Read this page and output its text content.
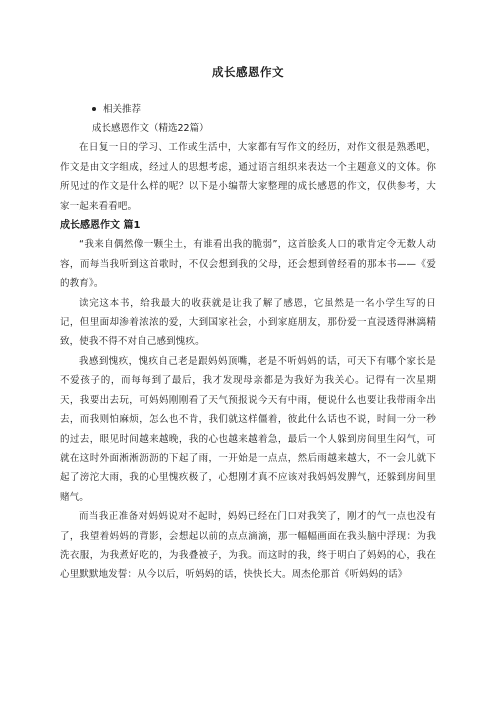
成长感恩作文
相关推荐
成长感恩作文（精选22篇）

在日复一日的学习、工作或生活中，大家都有写作文的经历，对作文很是熟悉吧，作文是由文字组成，经过人的思想考虑，通过语言组织来表达一个主题意义的文体。你所见过的作文是什么样的呢？以下是小编帮大家整理的成长感恩的作文，仅供参考，大家一起来看看吧。

成长感恩作文 篇1

“我来自偶然像一颗尘土，有谁看出我的脆弱”，这首脍炙人口的歌肯定令无数人动容，而每当我听到这首歌时，不仅会想到我的父母，还会想到曾经看的那本书——《爱的教育》。

读完这本书，给我最大的收获就是让我了解了感恩，它虽然是一名小学生写的日记，但里面却渗着浓浓的爱，大到国家社会，小到家庭朋友，那份爱一直浸透得淋漓精致，使我不得不对自己感到愧疚。

我感到愧疚，愧疚自己老是跟妈妈顶嘴，老是不听妈妈的话，可天下有哪个家长是不爱孩子的，而每每到了最后，我才发现母亲都是为我好为我关心。记得有一次星期天，我要出去玩，可妈妈刚刚看了天气预报说今天有中雨，便说什么也要让我带雨伞出去，而我则怕麻烦，怎么也不肯，我们就这样僵着，彼此什么话也不说，时间一分一秒的过去，眼见时间越来越晚，我的心也越来越着急，最后一个人躲到房间里生闷气，可就在这时外面淅淅沥沥的下起了雨，一开始是一点点，然后雨越来越大，不一会儿就下起了滂沱大雨，我的心里愧疚极了，心想刚才真不应该对我妈妈发脾气，还躲到房间里赌气。

而当我正准备对妈妈说对不起时，妈妈已经在门口对我笑了，刚才的气一点也没有了，我望着妈妈的背影，会想起以前的点点滴滴，那一幅幅画面在我头脑中浮现：为我洗衣服，为我煮好吃的，为我叠被子，为我。而这时的我，终于明白了妈妈的心，我在心里默默地发誓：从今以后，听妈妈的话，快快长大。周杰伦那首《听妈妈的话》
